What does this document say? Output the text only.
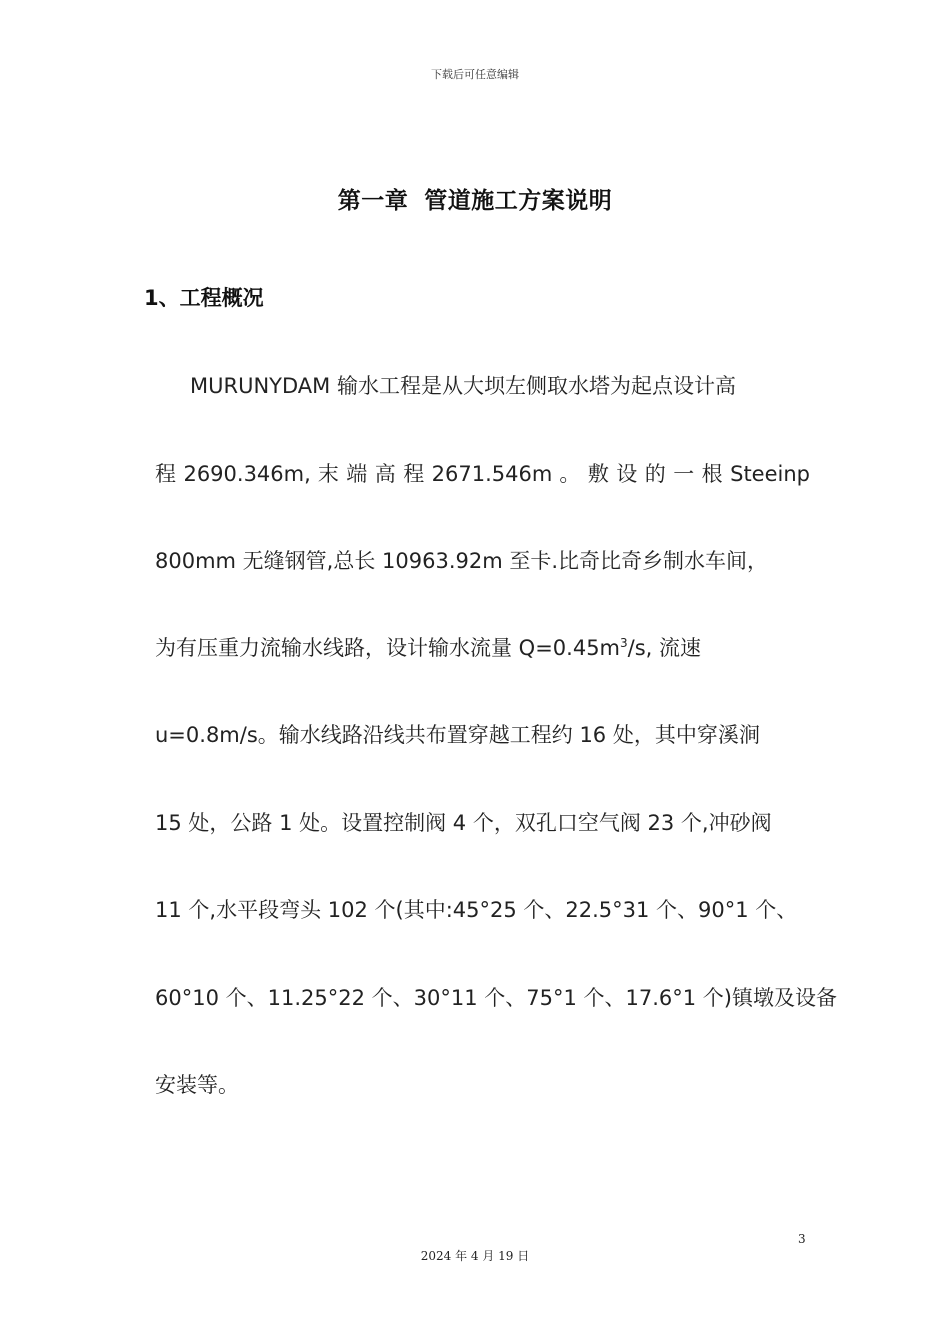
下载后可任意编辑
第一章 管道施工方案说明
1、工程概况
MURUNYDAM 输水工程是从大坝左侧取水塔为起点设计高
程 2690.346m, 末 端 高 程 2671.546m 。 敷 设 的 一 根 Steeinp
800mm 无缝钢管,总长 10963.92m 至卡.比奇比奇乡制水车间，
为有压重力流输水线路，设计输水流量 $Q=0.45m^3/s$, 流速
u=0.8m/s。输水线路沿线共布置穿越工程约 16 处，其中穿溪涧
15 处，公路 1 处。设置控制阀 4 个，双孔口空气阀 23 个,冲砂阀
11 个,水平段弯头 102 个(其中:45°25 个、22.5°31 个、90°1 个、
60°10 个、11.25°22 个、30°11 个、75°1 个、17.6°1 个)镇墩及设备
安装等。
3
2024 年 4 月 19 日
